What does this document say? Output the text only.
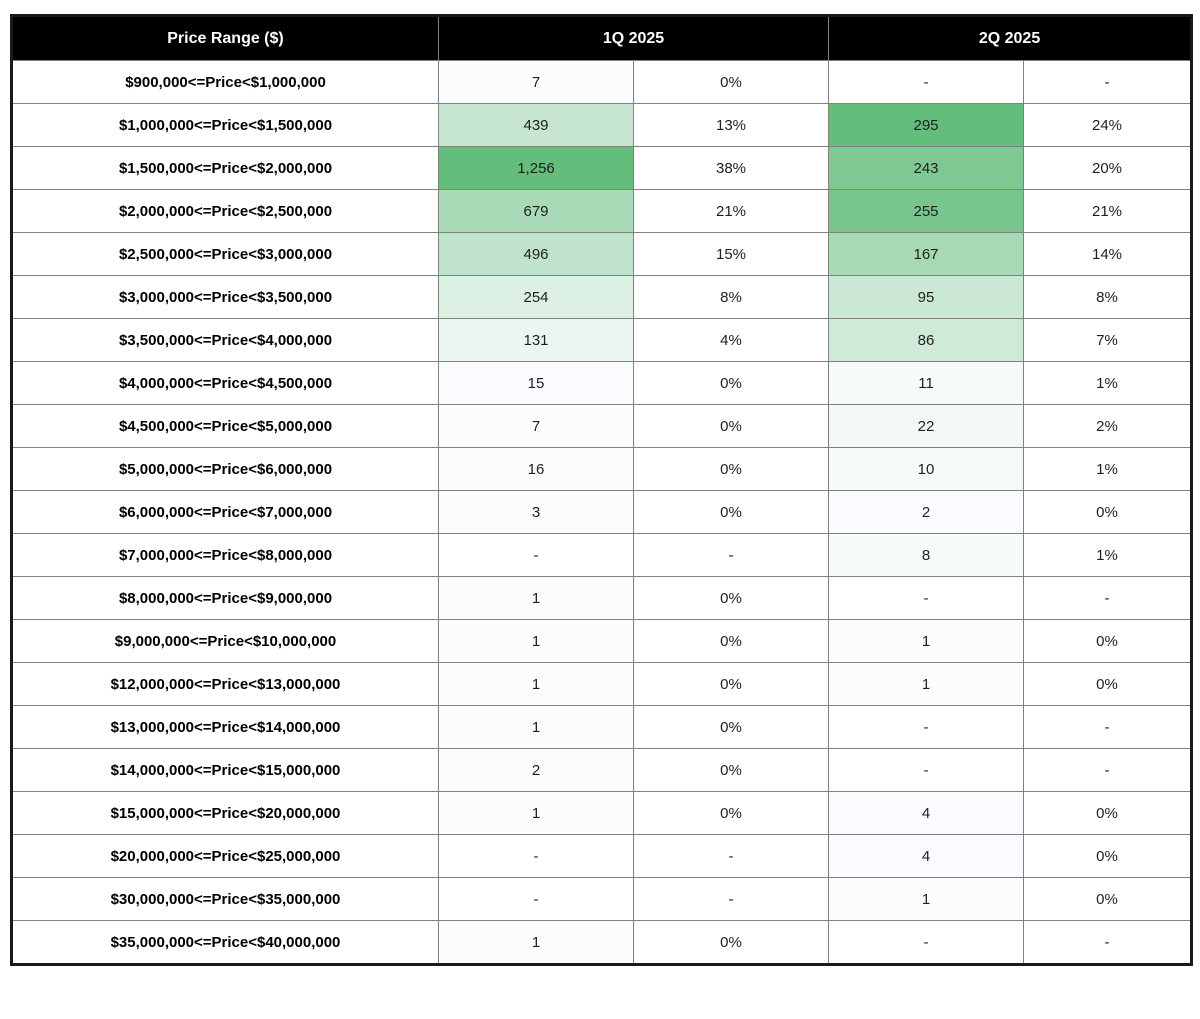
Price Range ($)	1Q 2025		2Q 2025	
$900,000<=Price<$1,000,000	7	0%	-	-
$1,000,000<=Price<$1,500,000	439	13%	295	24%
$1,500,000<=Price<$2,000,000	1,256	38%	243	20%
$2,000,000<=Price<$2,500,000	679	21%	255	21%
$2,500,000<=Price<$3,000,000	496	15%	167	14%
$3,000,000<=Price<$3,500,000	254	8%	95	8%
$3,500,000<=Price<$4,000,000	131	4%	86	7%
$4,000,000<=Price<$4,500,000	15	0%	11	1%
$4,500,000<=Price<$5,000,000	7	0%	22	2%
$5,000,000<=Price<$6,000,000	16	0%	10	1%
$6,000,000<=Price<$7,000,000	3	0%	2	0%
$7,000,000<=Price<$8,000,000	-	-	8	1%
$8,000,000<=Price<$9,000,000	1	0%	-	-
$9,000,000<=Price<$10,000,000	1	0%	1	0%
$12,000,000<=Price<$13,000,000	1	0%	1	0%
$13,000,000<=Price<$14,000,000	1	0%	-	-
$14,000,000<=Price<$15,000,000	2	0%	-	-
$15,000,000<=Price<$20,000,000	1	0%	4	0%
$20,000,000<=Price<$25,000,000	-	-	4	0%
$30,000,000<=Price<$35,000,000	-	-	1	0%
$35,000,000<=Price<$40,000,000	1	0%	-	-
